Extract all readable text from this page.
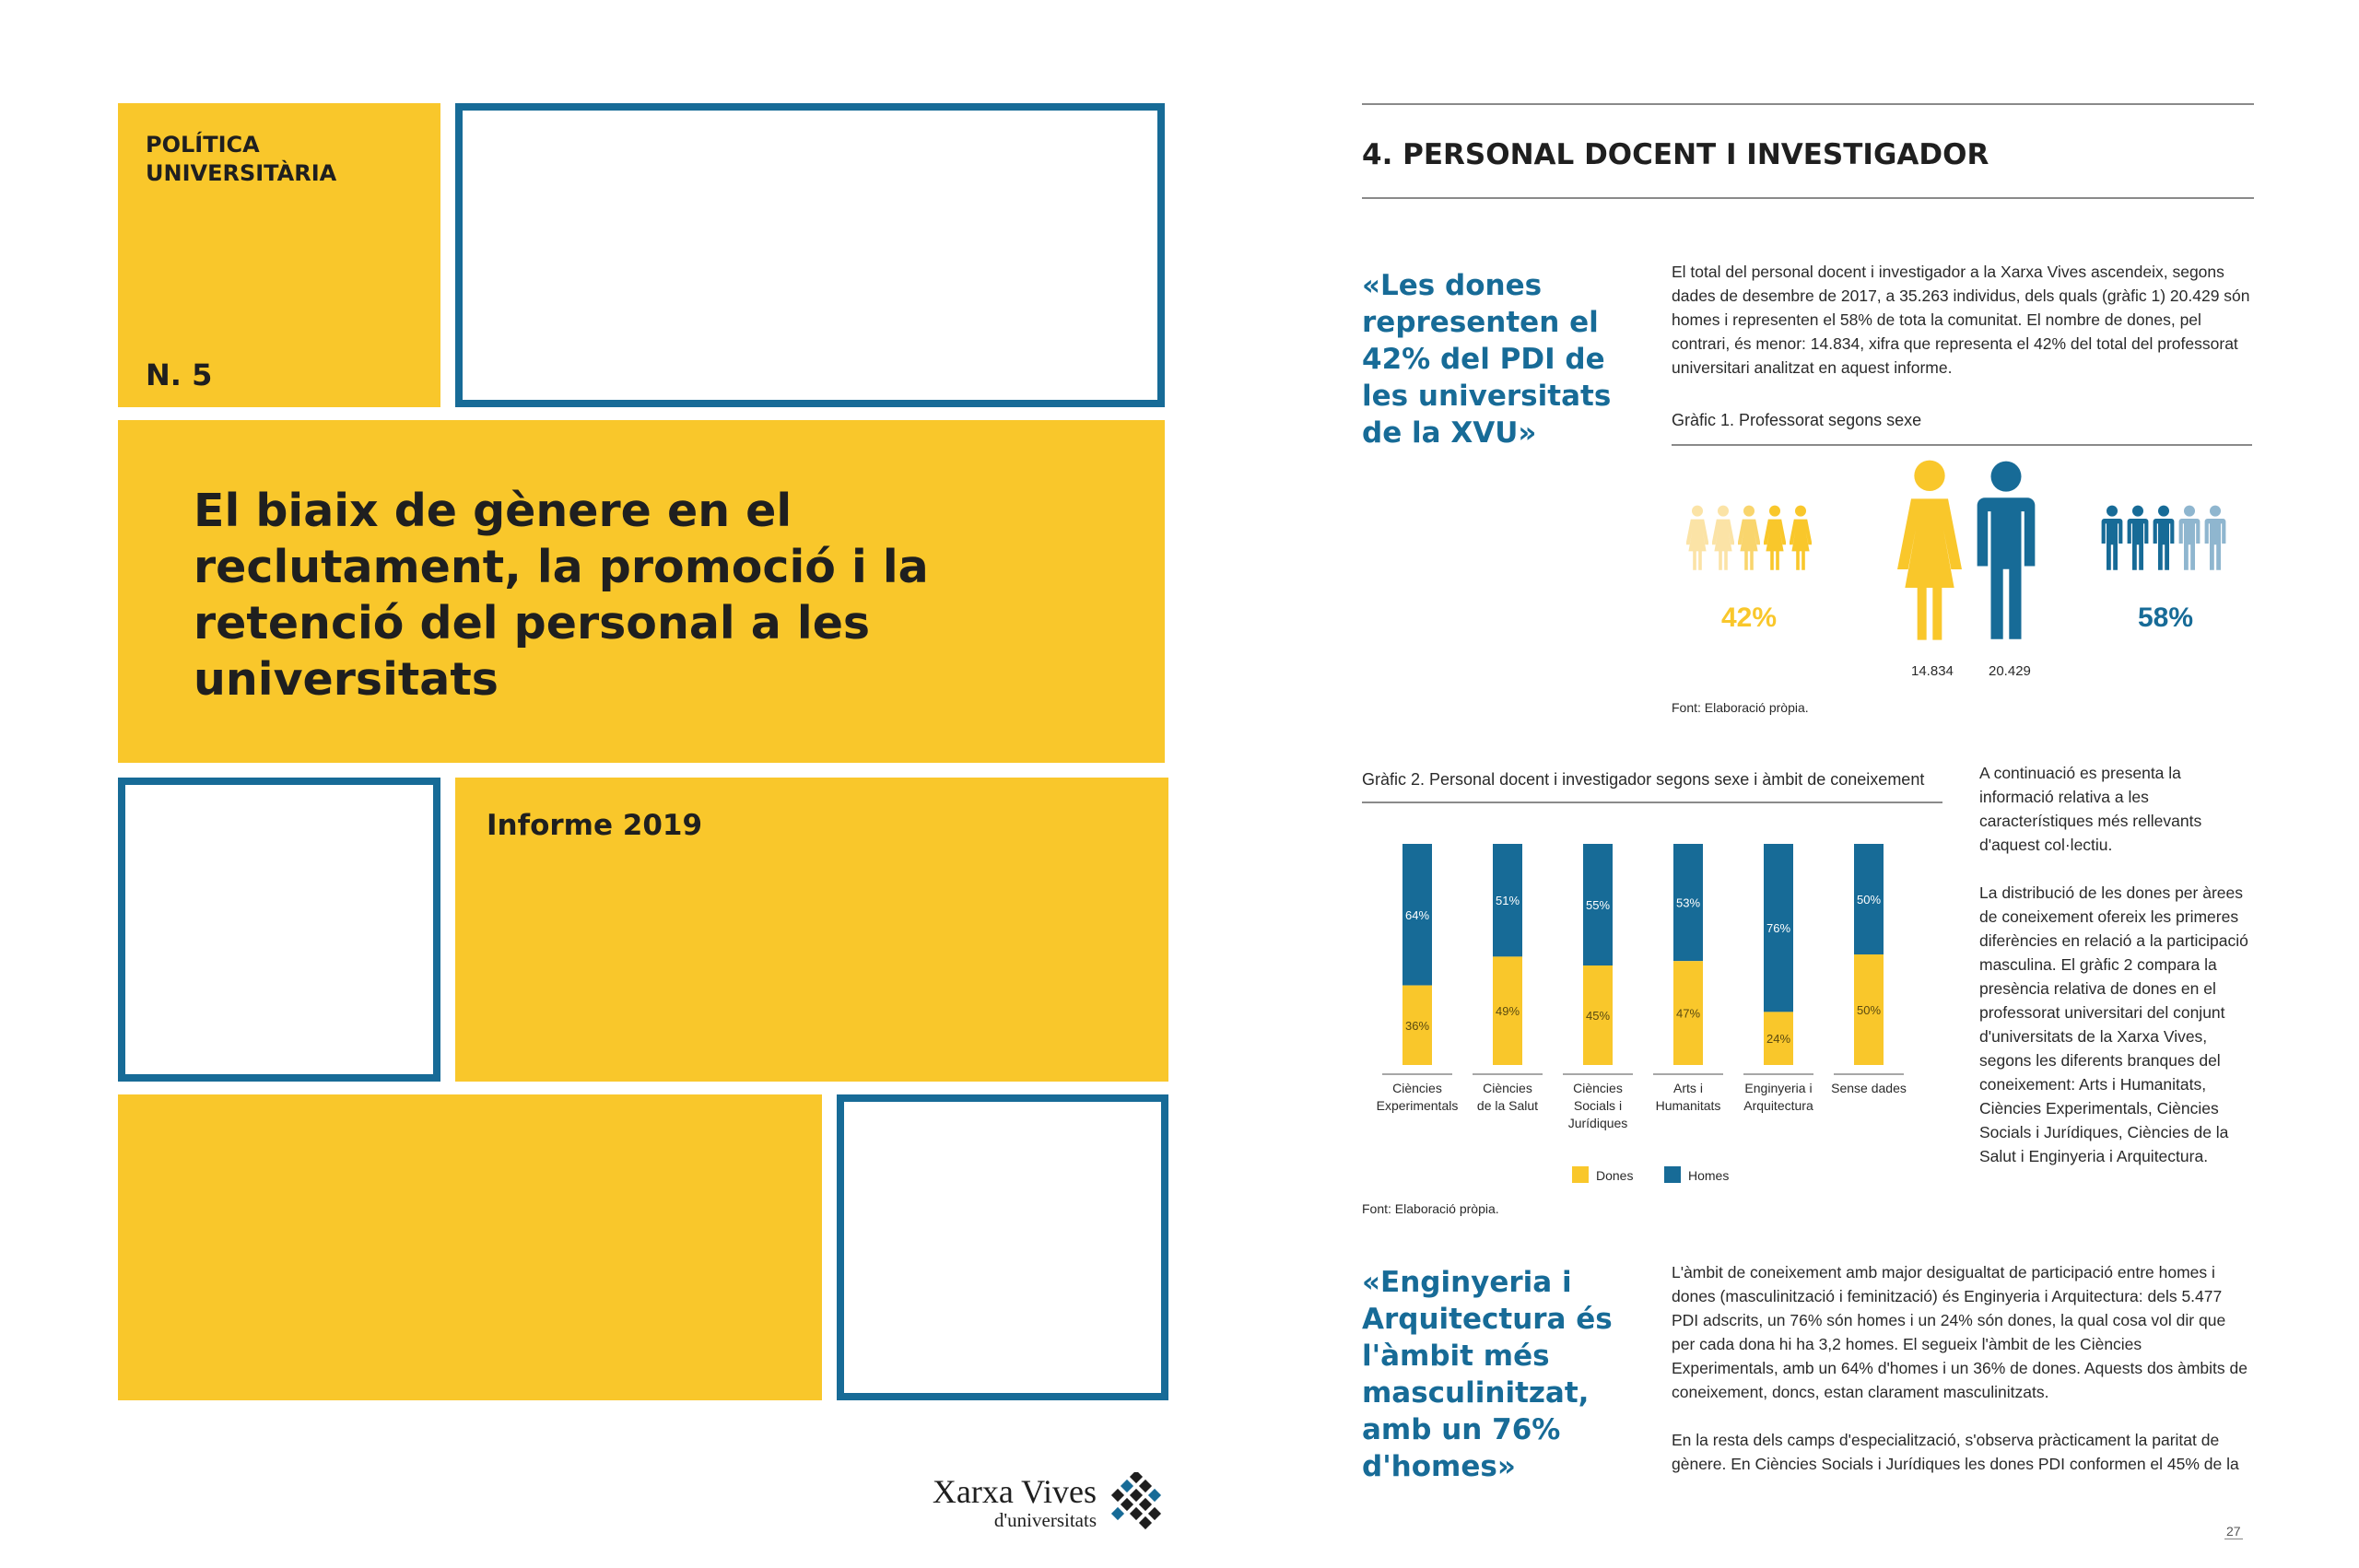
POLÍTICA
UNIVERSITÀRIA
N. 5
El biaix de gènere en el reclutament, la promoció i la retenció del personal a les universitats
Informe 2019
Xarxa Vives
d'universitats
4. PERSONAL DOCENT I INVESTIGADOR
«Les dones representen el 42% del PDI de les universitats de la XVU»
El total del personal docent i investigador a la Xarxa Vives ascendeix, segons dades de desembre de 2017, a 35.263 individus, dels quals (gràfic 1) 20.429 són homes i representen el 58% de tota la comunitat. El nombre de dones, pel contrari, és menor: 14.834, xifra que representa el 42% del total del professorat universitari analitzat en aquest informe.
Gràfic 1. Professorat segons sexe
42%	58%
14.834	20.429
Font: Elaboració pròpia.
Gràfic 2. Personal docent i investigador segons sexe i àmbit de coneixement
64%
36%
Ciències
Experimentals
51%
49%
Ciències
de la Salut
55%
45%
Ciències
Socials i
Jurídiques
53%
47%
Arts i
Humanitats
76%
24%
Enginyeria i
Arquitectura
50%
50%
Sense dades
Dones	Homes
Font: Elaboració pròpia.
A continuació es presenta la informació relativa a les característiques més rellevants d'aquest col·lectiu.
La distribució de les dones per àrees de coneixement ofereix les primeres diferències en relació a la participació masculina. El gràfic 2 compara la presència relativa de dones en el professorat universitari del conjunt d'universitats de la Xarxa Vives, segons les diferents branques del coneixement: Arts i Humanitats, Ciències Experimentals, Ciències Socials i Jurídiques, Ciències de la Salut i Enginyeria i Arquitectura.
«Enginyeria i Arquitectura és l'àmbit més masculinitzat, amb un 76% d'homes»
L'àmbit de coneixement amb major desigualtat de participació entre homes i dones (masculinització i feminització) és Enginyeria i Arquitectura: dels 5.477 PDI adscrits, un 76% són homes i un 24% són dones, la qual cosa vol dir que per cada dona hi ha 3,2 homes. El segueix l'àmbit de les Ciències Experimentals, amb un 64% d'homes i un 36% de dones. Aquests dos àmbits de coneixement, doncs, estan clarament masculinitzats.
En la resta dels camps d'especialització, s'observa pràcticament la paritat de gènere. En Ciències Socials i Jurídiques les dones PDI conformen el 45% de la
27
